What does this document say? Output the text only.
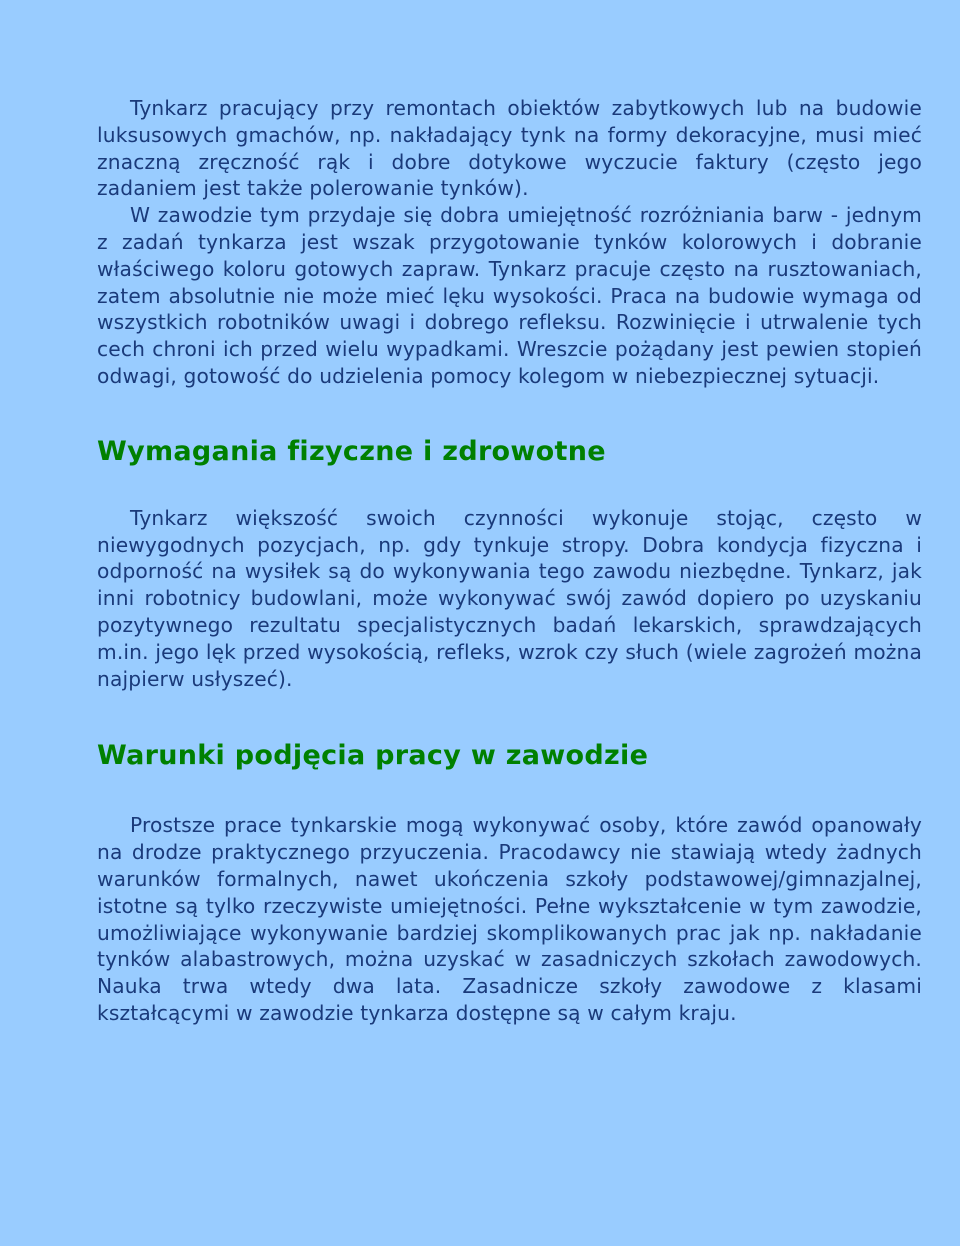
Tynkarz pracujący przy remontach obiektów zabytkowych lub na budowie luksusowych gmachów, np. nakładający tynk na formy dekoracyjne, musi mieć znaczną zręczność rąk i dobre dotykowe wyczucie faktury (często jego zadaniem jest także polerowanie tynków).

W zawodzie tym przydaje się dobra umiejętność rozróżniania barw - jednym z zadań tynkarza jest wszak przygotowanie tynków kolorowych i dobranie właściwego koloru gotowych zapraw. Tynkarz pracuje często na rusztowaniach, zatem absolutnie nie może mieć lęku wysokości. Praca na budowie wymaga od wszystkich robotników uwagi i dobrego refleksu. Rozwinięcie i utrwalenie tych cech chroni ich przed wielu wypadkami. Wreszcie pożądany jest pewien stopień odwagi, gotowość do udzielenia pomocy kolegom w niebezpiecznej sytuacji.

Wymagania fizyczne i zdrowotne

Tynkarz większość swoich czynności wykonuje stojąc, często w niewygodnych pozycjach, np. gdy tynkuje stropy. Dobra kondycja fizyczna i odporność na wysiłek są do wykonywania tego zawodu niezbędne. Tynkarz, jak inni robotnicy budowlani, może wykonywać swój zawód dopiero po uzyskaniu pozytywnego rezultatu specjalistycznych badań lekarskich, sprawdzających m.in. jego lęk przed wysokością, refleks, wzrok czy słuch (wiele zagrożeń można najpierw usłyszeć).

Warunki podjęcia pracy w zawodzie

Prostsze prace tynkarskie mogą wykonywać osoby, które zawód opanowały na drodze praktycznego przyuczenia. Pracodawcy nie stawiają wtedy żadnych warunków formalnych, nawet ukończenia szkoły podstawowej/gimnazjalnej, istotne są tylko rzeczywiste umiejętności. Pełne wykształcenie w tym zawodzie, umożliwiające wykonywanie bardziej skomplikowanych prac jak np. nakładanie tynków alabastrowych, można uzyskać w zasadniczych szkołach zawodowych. Nauka trwa wtedy dwa lata. Zasadnicze szkoły zawodowe z klasami kształcącymi w zawodzie tynkarza dostępne są w całym kraju.
